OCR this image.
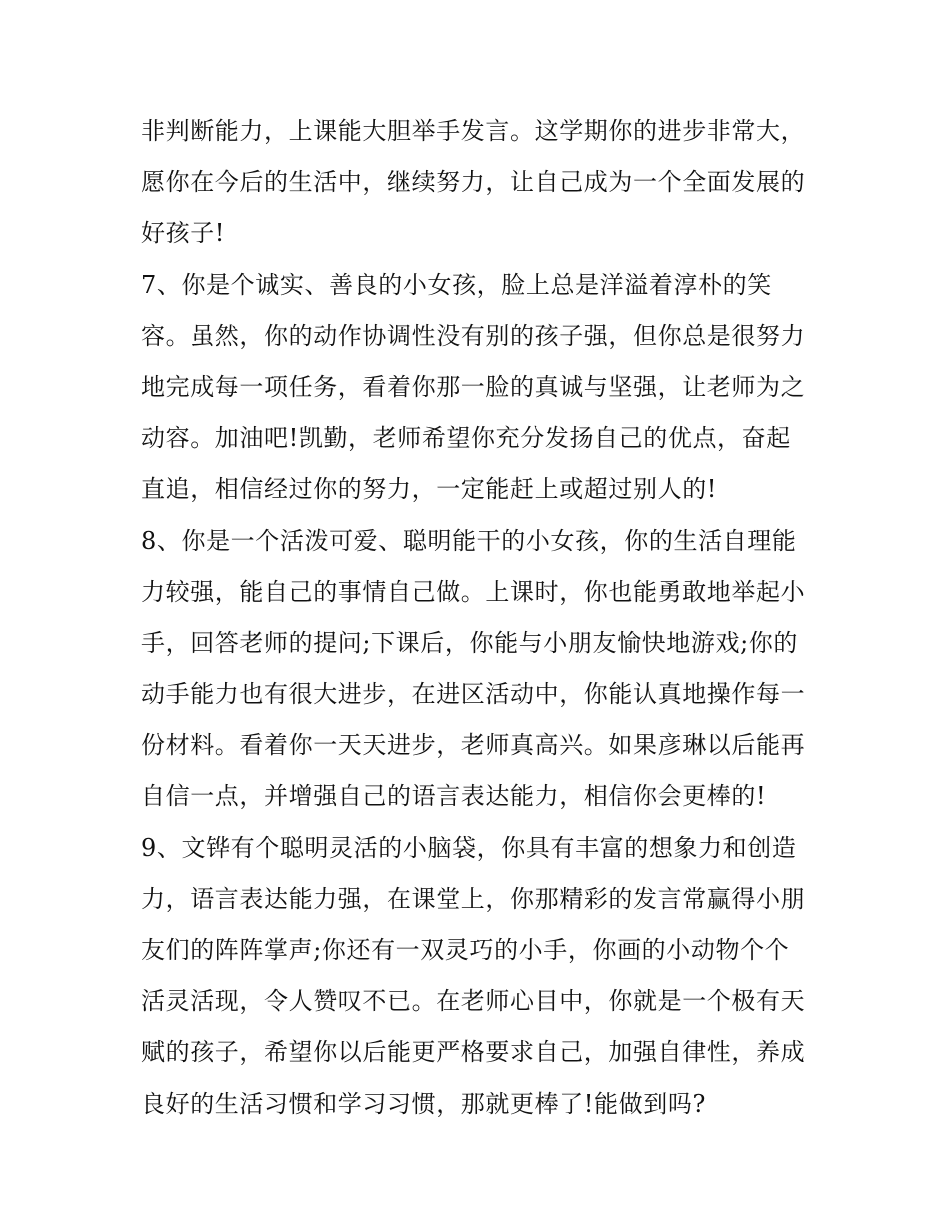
非判断能力，上课能大胆举手发言。这学期你的进步非常大，
愿你在今后的生活中，继续努力，让自己成为一个全面发展的
好孩子!
7、你是个诚实、善良的小女孩，脸上总是洋溢着淳朴的笑
容。虽然，你的动作协调性没有别的孩子强，但你总是很努力
地完成每一项任务，看着你那一脸的真诚与坚强，让老师为之
动容。加油吧!凯勤，老师希望你充分发扬自己的优点，奋起
直追，相信经过你的努力，一定能赶上或超过别人的!
8、你是一个活泼可爱、聪明能干的小女孩，你的生活自理能
力较强，能自己的事情自己做。上课时，你也能勇敢地举起小
手，回答老师的提问;下课后，你能与小朋友愉快地游戏;你的
动手能力也有很大进步，在进区活动中，你能认真地操作每一
份材料。看着你一天天进步，老师真高兴。如果彦琳以后能再
自信一点，并增强自己的语言表达能力，相信你会更棒的!
9、文铧有个聪明灵活的小脑袋，你具有丰富的想象力和创造
力，语言表达能力强，在课堂上，你那精彩的发言常赢得小朋
友们的阵阵掌声;你还有一双灵巧的小手，你画的小动物个个
活灵活现，令人赞叹不已。在老师心目中，你就是一个极有天
赋的孩子，希望你以后能更严格要求自己，加强自律性，养成
良好的生活习惯和学习习惯，那就更棒了!能做到吗?
